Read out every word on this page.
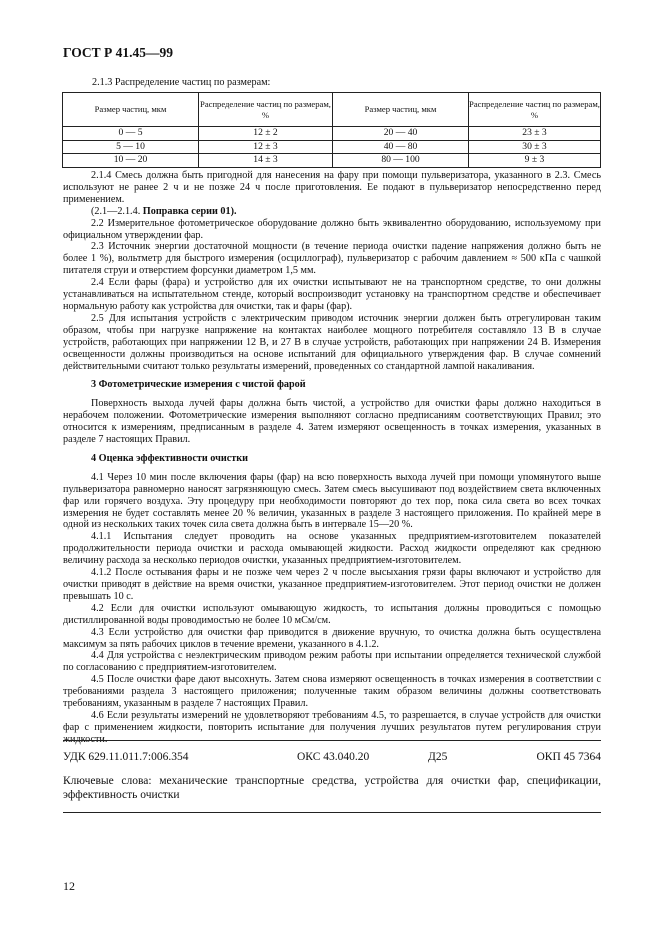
ГОСТ Р 41.45—99
2.1.3 Распределение частиц по размерам:
Размер частиц, мкм	Распределение частиц по размерам, %	Размер частиц, мкм	Распределение частиц по размерам, %
0 — 5	12 ± 2	20 — 40	23 ± 3
5 — 10	12 ± 3	40 — 80	30 ± 3
10 — 20	14 ± 3	80 — 100	9 ± 3

2.1.4 Смесь должна быть пригодной для нанесения на фару при помощи пульверизатора, указанного в 2.3. Смесь используют не ранее 2 ч и не позже 24 ч после приготовления. Ее подают в пульверизатор непосредственно перед применением.

(2.1—2.1.4. Поправка серии 01).

2.2 Измерительное фотометрическое оборудование должно быть эквивалентно оборудованию, используемому при официальном утверждении фар.

2.3 Источник энергии достаточной мощности (в течение периода очистки падение напряжения должно быть не более 1 %), вольтметр для быстрого измерения (осциллограф), пульверизатор с рабочим давлением ≈ 500 кПа с чашкой питателя струи и отверстием форсунки диаметром 1,5 мм.

2.4 Если фары (фара) и устройство для их очистки испытывают не на транспортном средстве, то они должны устанавливаться на испытательном стенде, который воспроизводит установку на транспортном средстве и обеспечивает нормальную работу как устройства для очистки, так и фары (фар).

2.5 Для испытания устройств с электрическим приводом источник энергии должен быть отрегулирован таким образом, чтобы при нагрузке напряжение на контактах наиболее мощного потребителя составляло 13 В в случае устройств, работающих при напряжении 12 В, и 27 В в случае устройств, работающих при напряжении 24 В. Измерения освещенности должны производиться на основе испытаний для официального утверждения фар. В случае сомнений действительными считают только результаты измерений, проведенных со стандартной лампой накаливания.

3 Фотометрические измерения с чистой фарой

Поверхность выхода лучей фары должна быть чистой, а устройство для очистки фары должно находиться в нерабочем положении. Фотометрические измерения выполняют согласно предписаниям соответствующих Правил; это относится к измерениям, предписанным в разделе 4. Затем измеряют освещенность в точках измерения, указанных в разделе 7 настоящих Правил.

4 Оценка эффективности очистки

4.1 Через 10 мин после включения фары (фар) на всю поверхность выхода лучей при помощи упомянутого выше пульверизатора равномерно наносят загрязняющую смесь. Затем смесь высушивают под воздействием света включенных фар или горячего воздуха. Эту процедуру при необходимости повторяют до тех пор, пока сила света во всех точках измерения не будет составлять менее 20 % величин, указанных в разделе 3 настоящего приложения. По крайней мере в одной из нескольких таких точек сила света должна быть в интервале 15—20 %.

4.1.1 Испытания следует проводить на основе указанных предприятием-изготовителем показателей продолжительности периода очистки и расхода омывающей жидкости. Расход жидкости определяют как среднюю величину расхода за несколько периодов очистки, указанных предприятием-изготовителем.

4.1.2 После остывания фары и не позже чем через 2 ч после высыхания грязи фары включают и устройство для очистки приводят в действие на время очистки, указанное предприятием-изготовителем. Этот период очистки не должен превышать 10 с.

4.2 Если для очистки используют омывающую жидкость, то испытания должны проводиться с помощью дистиллированной воды проводимостью не более 10 мСм/см.

4.3 Если устройство для очистки фар приводится в движение вручную, то очистка должна быть осуществлена максимум за пять рабочих циклов в течение времени, указанного в 4.1.2.

4.4 Для устройства с неэлектрическим приводом режим работы при испытании определяется технической службой по согласованию с предприятием-изготовителем.

4.5 После очистки фаре дают высохнуть. Затем снова измеряют освещенность в точках измерения в соответствии с требованиями раздела 3 настоящего приложения; полученные таким образом величины должны соответствовать требованиям, указанным в разделе 7 настоящих Правил.

4.6 Если результаты измерений не удовлетворяют требованиям 4.5, то разрешается, в случае устройств для очистки фар с применением жидкости, повторить испытание для получения лучших результатов путем регулирования струи жидкости.

УДК 629.11.011.7:006.354	ОКС 43.040.20	Д25	ОКП 45 7364
Ключевые слова: механические транспортные средства, устройства для очистки фар, спецификации, эффективность очистки
12
